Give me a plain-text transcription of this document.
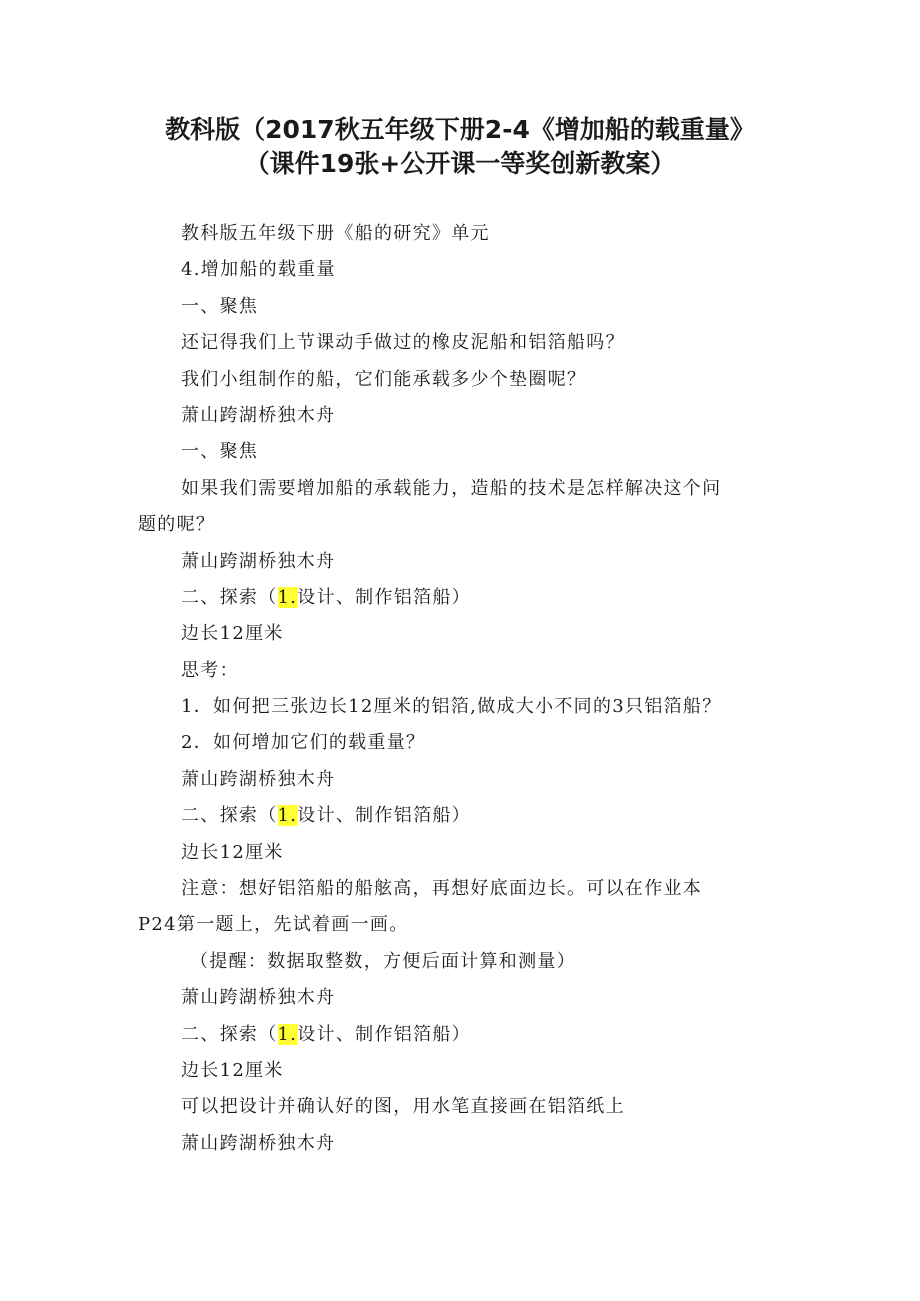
教科版（2017秋五年级下册2-4《增加船的载重量》
（课件19张+公开课一等奖创新教案）
教科版五年级下册《船的研究》单元
4.增加船的载重量
一、聚焦
还记得我们上节课动手做过的橡皮泥船和铝箔船吗？
我们小组制作的船，它们能承载多少个垫圈呢？
萧山跨湖桥独木舟
一、聚焦
如果我们需要增加船的承载能力，造船的技术是怎样解决这个问
题的呢？
萧山跨湖桥独木舟
二、探索（1.设计、制作铝箔船）
边长12厘米
思考：
1．如何把三张边长12厘米的铝箔,做成大小不同的3只铝箔船？
2．如何增加它们的载重量？
萧山跨湖桥独木舟
二、探索（1.设计、制作铝箔船）
边长12厘米
注意：想好铝箔船的船舷高，再想好底面边长。可以在作业本
P24第一题上，先试着画一画。
（提醒：数据取整数，方便后面计算和测量）
萧山跨湖桥独木舟
二、探索（1.设计、制作铝箔船）
边长12厘米
可以把设计并确认好的图，用水笔直接画在铝箔纸上
萧山跨湖桥独木舟
